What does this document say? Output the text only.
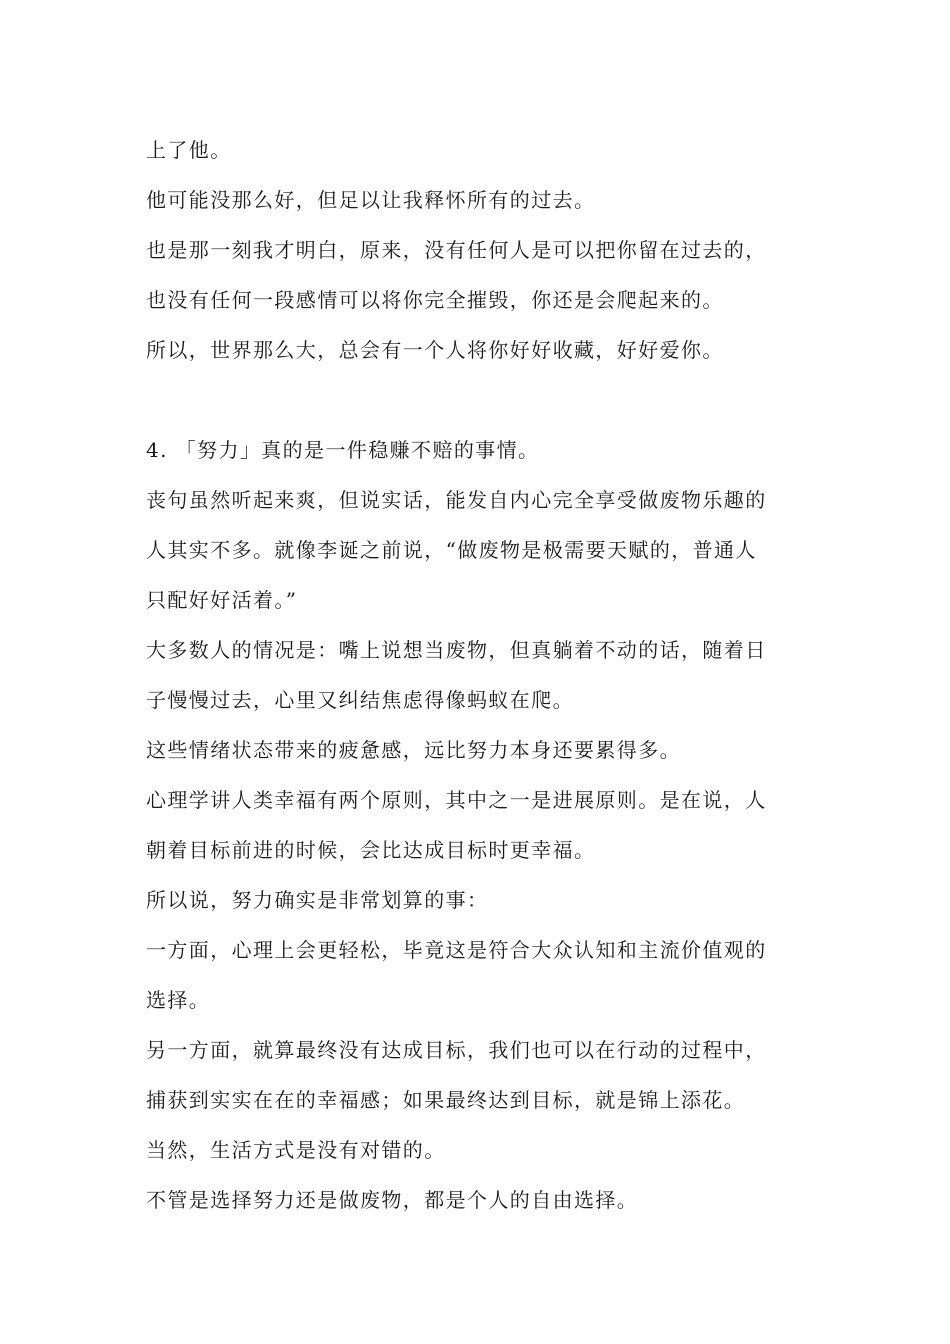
上了他。

他可能没那么好，但足以让我释怀所有的过去。

也是那一刻我才明白，原来，没有任何人是可以把你留在过去的，

也没有任何一段感情可以将你完全摧毁，你还是会爬起来的。

所以，世界那么大，总会有一个人将你好好收藏，好好爱你。

4. 「努力」真的是一件稳赚不赔的事情。

丧句虽然听起来爽，但说实话，能发自内心完全享受做废物乐趣的

人其实不多。就像李诞之前说，“做废物是极需要天赋的，普通人

只配好好活着。”

大多数人的情况是：嘴上说想当废物，但真躺着不动的话，随着日

子慢慢过去，心里又纠结焦虑得像蚂蚁在爬。

这些情绪状态带来的疲惫感，远比努力本身还要累得多。

心理学讲人类幸福有两个原则，其中之一是进展原则。是在说，人

朝着目标前进的时候，会比达成目标时更幸福。

所以说，努力确实是非常划算的事：

一方面，心理上会更轻松，毕竟这是符合大众认知和主流价值观的

选择。

另一方面，就算最终没有达成目标，我们也可以在行动的过程中，

捕获到实实在在的幸福感；如果最终达到目标，就是锦上添花。

当然，生活方式是没有对错的。

不管是选择努力还是做废物，都是个人的自由选择。
